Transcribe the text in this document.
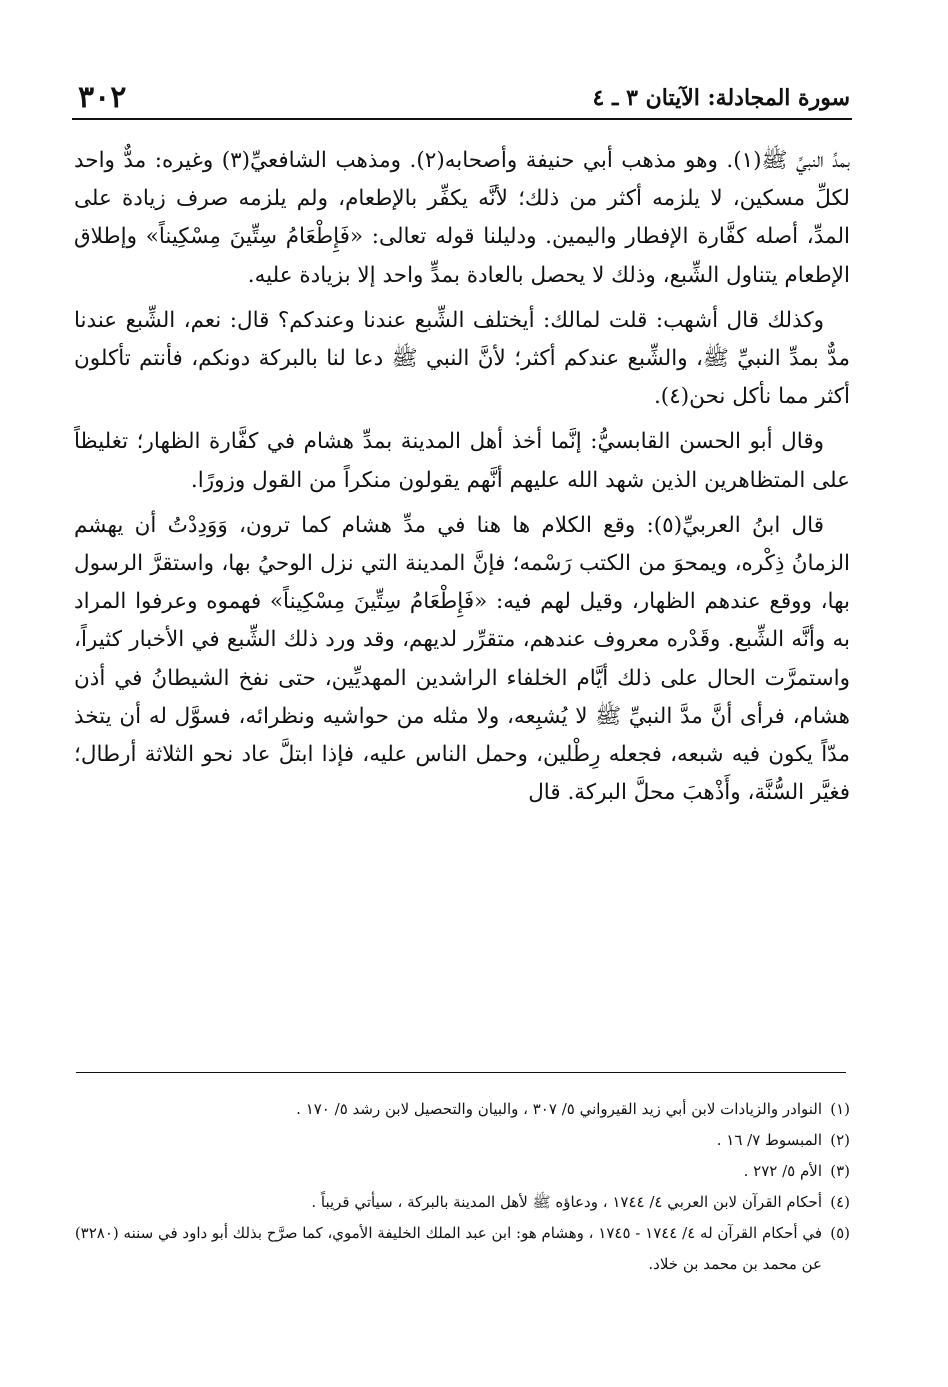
سورة المجادلة: الآيتان ٣ ـ ٤
٣٠٢

بمدِّ النبيِّ ﷺ(١). وهو مذهب أبي حنيفة وأصحابه(٢). ومذهب الشافعيِّ(٣) وغيره: مدٌّ واحد لكلِّ مسكين، لا يلزمه أكثر من ذلك؛ لأنَّه يكفِّر بالإطعام، ولم يلزمه صرف زيادة على المدِّ، أصله كفَّارة الإفطار واليمين. ودليلنا قوله تعالى: «فَإِطْعَامُ سِتِّينَ مِسْكِيناً» وإطلاق الإطعام يتناول الشِّبع، وذلك لا يحصل بالعادة بمدٍّ واحد إلا بزيادة عليه.

وكذلك قال أشهب: قلت لمالك: أيختلف الشِّبع عندنا وعندكم؟ قال: نعم، الشِّبع عندنا مدٌّ بمدِّ النبيِّ ﷺ، والشِّبع عندكم أكثر؛ لأنَّ النبي ﷺ دعا لنا بالبركة دونكم، فأنتم تأكلون أكثر مما نأكل نحن(٤).

وقال أبو الحسن القابسيُّ: إنَّما أخذ أهل المدينة بمدِّ هشام في كفَّارة الظهار؛ تغليظاً على المتظاهرين الذين شهد الله عليهم أنَّهم يقولون منكراً من القول وزورًا.

قال ابنُ العربيِّ(٥): وقع الكلام ها هنا في مدِّ هشام كما ترون، وَوَدِدْتُ أن يهشم الزمانُ ذِكْره، ويمحوَ من الكتب رَسْمه؛ فإنَّ المدينة التي نزل الوحيُ بها، واستقرَّ الرسول بها، ووقع عندهم الظهار، وقيل لهم فيه: «فَإِطْعَامُ سِتِّينَ مِسْكِيناً» فهموه وعرفوا المراد به وأنَّه الشِّبع. وقَدْره معروف عندهم، متقرِّر لديهم، وقد ورد ذلك الشِّبع في الأخبار كثيراً، واستمرَّت الحال على ذلك أيَّام الخلفاء الراشدين المهديِّين، حتى نفخ الشيطانُ في أذن هشام، فرأى أنَّ مدَّ النبيِّ ﷺ لا يُشبِعه، ولا مثله من حواشيه ونظرائه، فسوَّل له أن يتخذ مدّاً يكون فيه شبعه، فجعله رِطْلين، وحمل الناس عليه، فإذا ابتلَّ عاد نحو الثلاثة أرطال؛ فغيَّر السُّنَّة، وأَذْهبَ محلَّ البركة. قال

(١)
النوادر والزيادات لابن أبي زيد القيرواني ٥/ ٣٠٧ ، والبيان والتحصيل لابن رشد ٥/ ١٧٠ .

(٢)
المبسوط ٧/ ١٦ .

(٣)
الأم ٥/ ٢٧٢ .

(٤)
أحكام القرآن لابن العربي ٤/ ١٧٤٤ ، ودعاؤه ﷺ لأهل المدينة بالبركة ، سيأتي قريباً .

(٥)
في أحكام القرآن له ٤/ ١٧٤٤ - ١٧٤٥ ، وهشام هو: ابن عبد الملك الخليفة الأموي، كما صرَّح بذلك أبو داود في سننه (٣٢٨٠) عن محمد بن محمد بن خلاد.
